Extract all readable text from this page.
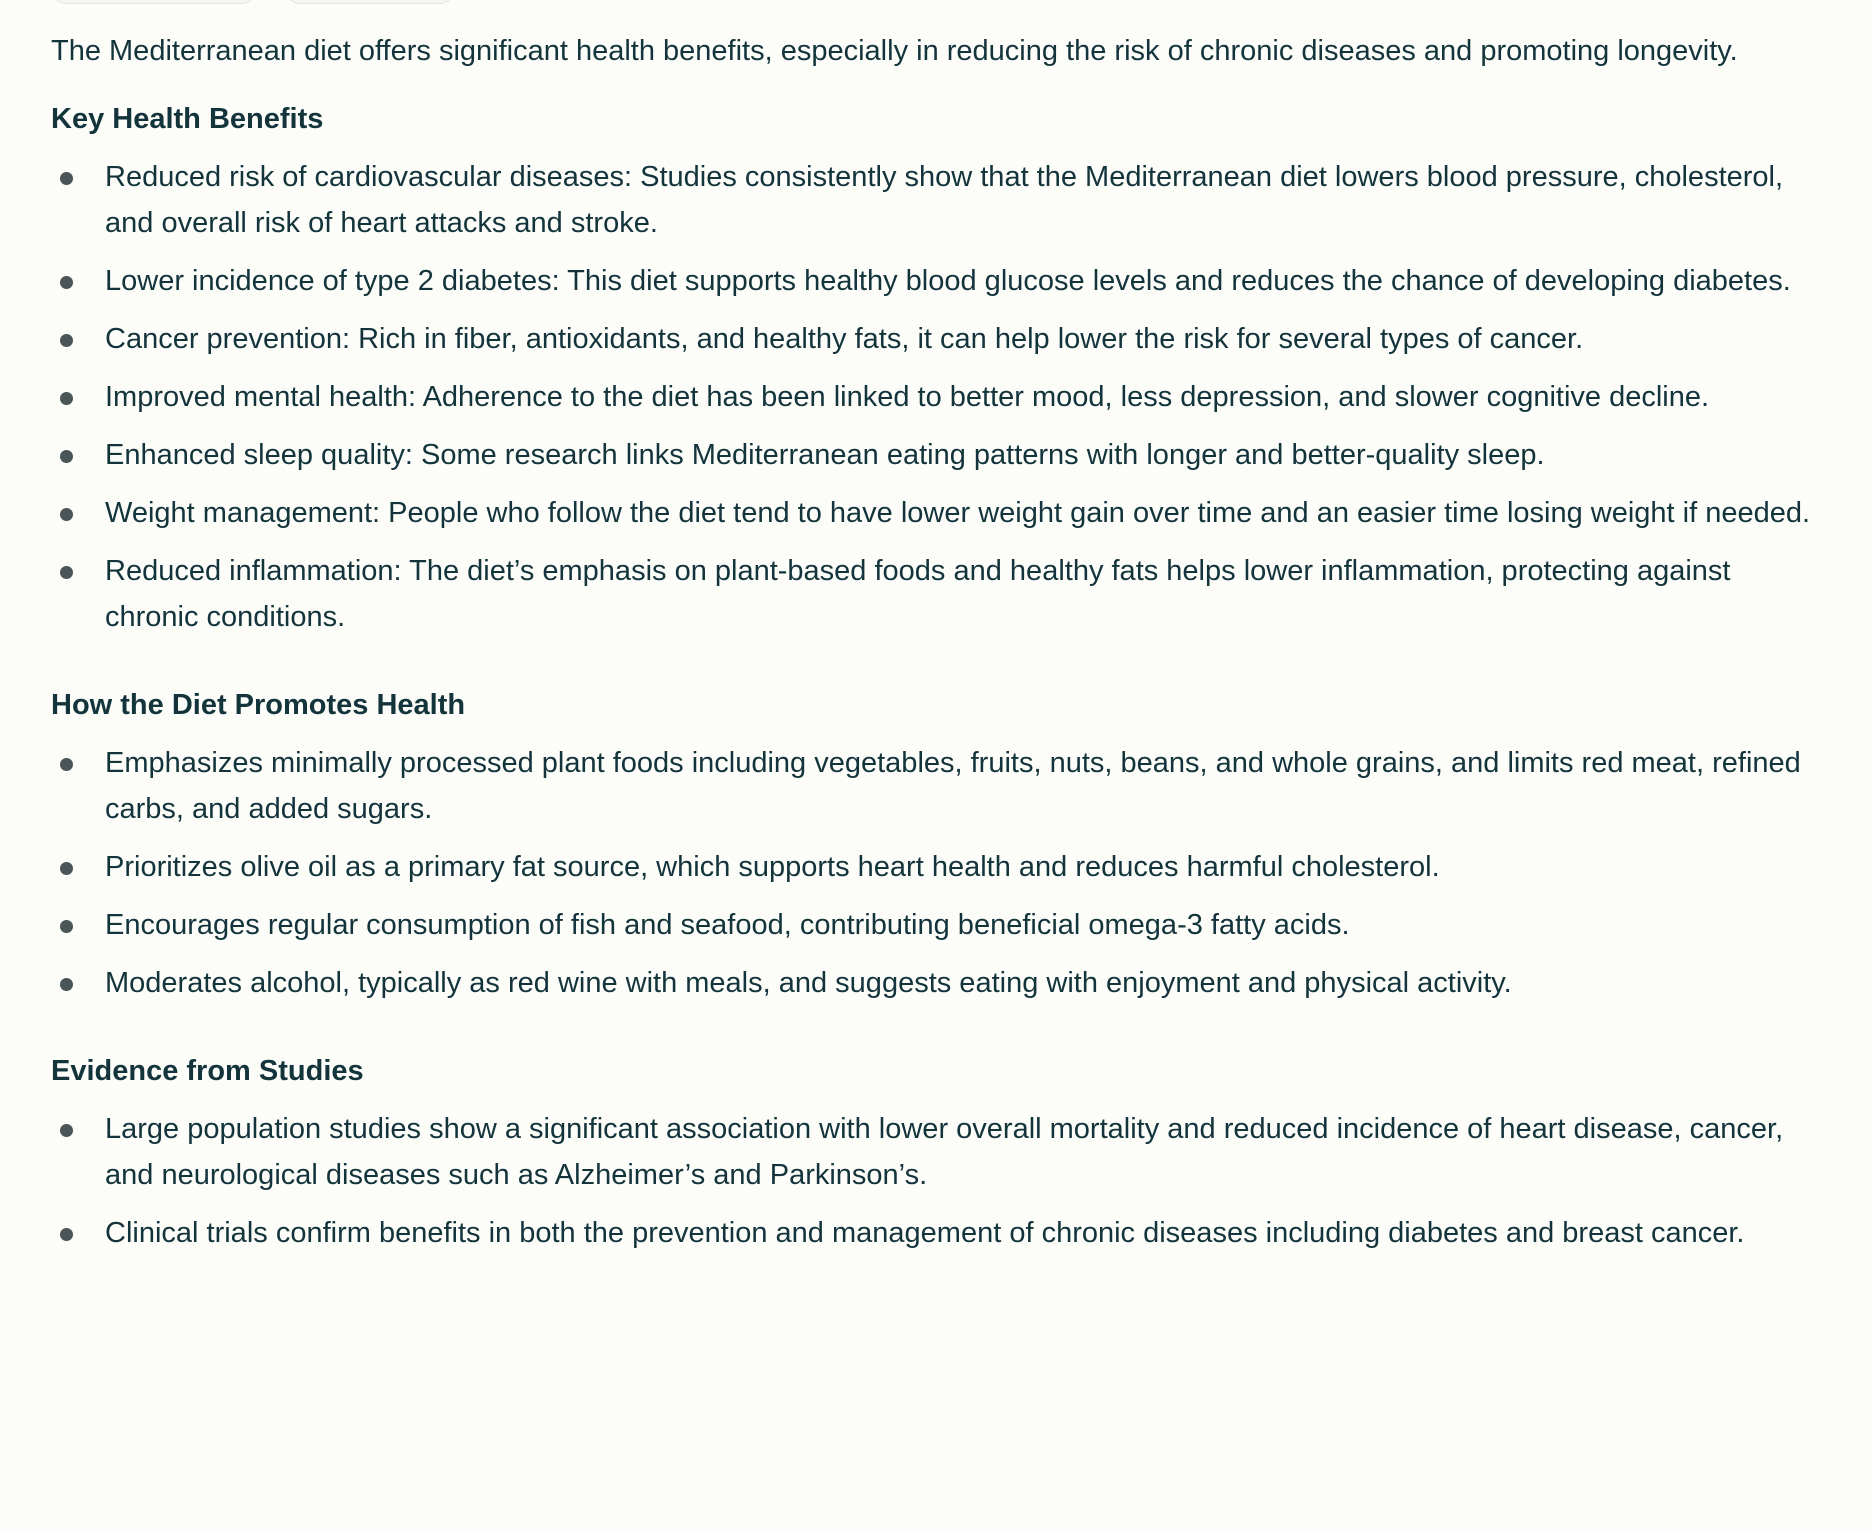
The Mediterranean diet offers significant health benefits, especially in reducing the risk of chronic diseases and promoting longevity.

Key Health Benefits
Reduced risk of cardiovascular diseases: Studies consistently show that the Mediterranean diet lowers blood pressure, cholesterol, and overall risk of heart attacks and stroke.
Lower incidence of type 2 diabetes: This diet supports healthy blood glucose levels and reduces the chance of developing diabetes.
Cancer prevention: Rich in fiber, antioxidants, and healthy fats, it can help lower the risk for several types of cancer.
Improved mental health: Adherence to the diet has been linked to better mood, less depression, and slower cognitive decline.
Enhanced sleep quality: Some research links Mediterranean eating patterns with longer and better-quality sleep.
Weight management: People who follow the diet tend to have lower weight gain over time and an easier time losing weight if needed.
Reduced inflammation: The diet’s emphasis on plant-based foods and healthy fats helps lower inflammation, protecting against chronic conditions.
How the Diet Promotes Health
Emphasizes minimally processed plant foods including vegetables, fruits, nuts, beans, and whole grains, and limits red meat, refined carbs, and added sugars.
Prioritizes olive oil as a primary fat source, which supports heart health and reduces harmful cholesterol.
Encourages regular consumption of fish and seafood, contributing beneficial omega-3 fatty acids.
Moderates alcohol, typically as red wine with meals, and suggests eating with enjoyment and physical activity.
Evidence from Studies
Large population studies show a significant association with lower overall mortality and reduced incidence of heart disease, cancer, and neurological diseases such as Alzheimer’s and Parkinson’s.
Clinical trials confirm benefits in both the prevention and management of chronic diseases including diabetes and breast cancer.
